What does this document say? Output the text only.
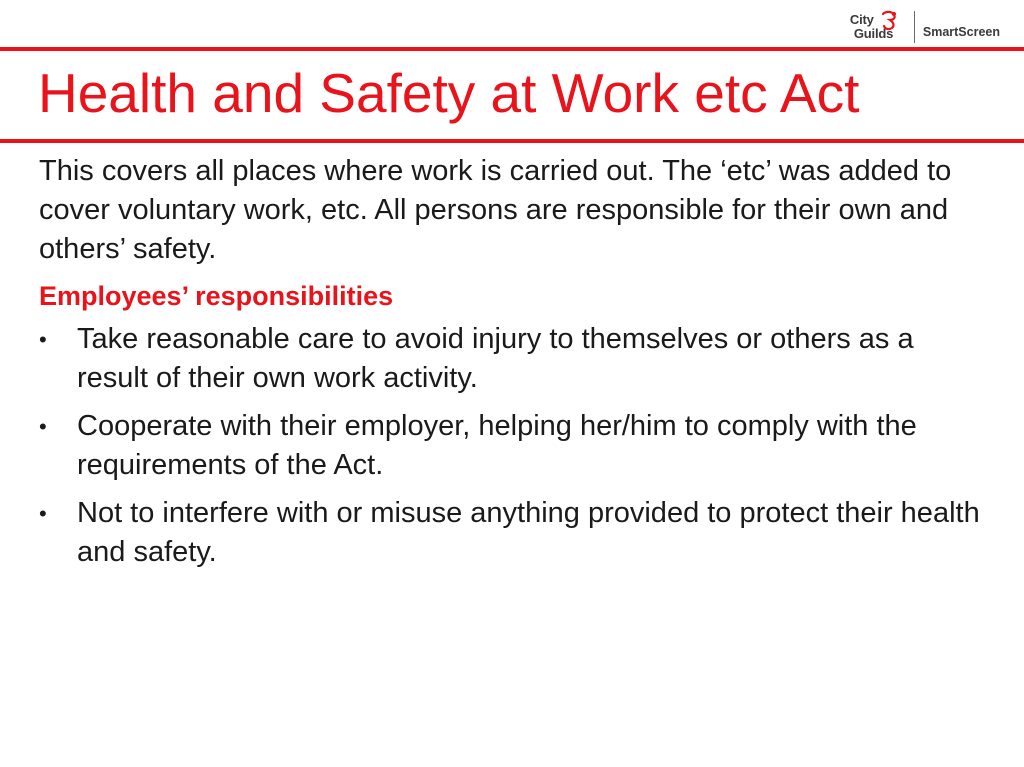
City
Guilds SmartScreen
Health and Safety at Work etc Act

This covers all places where work is carried out. The ‘etc’ was added to cover voluntary work, etc. All persons are responsible for their own and others’ safety.

Employees’ responsibilities

• Take reasonable care to avoid injury to themselves or others as a result of their own work activity.
• Cooperate with their employer, helping her/him to comply with the requirements of the Act.
• Not to interfere with or misuse anything provided to protect their health and safety.
